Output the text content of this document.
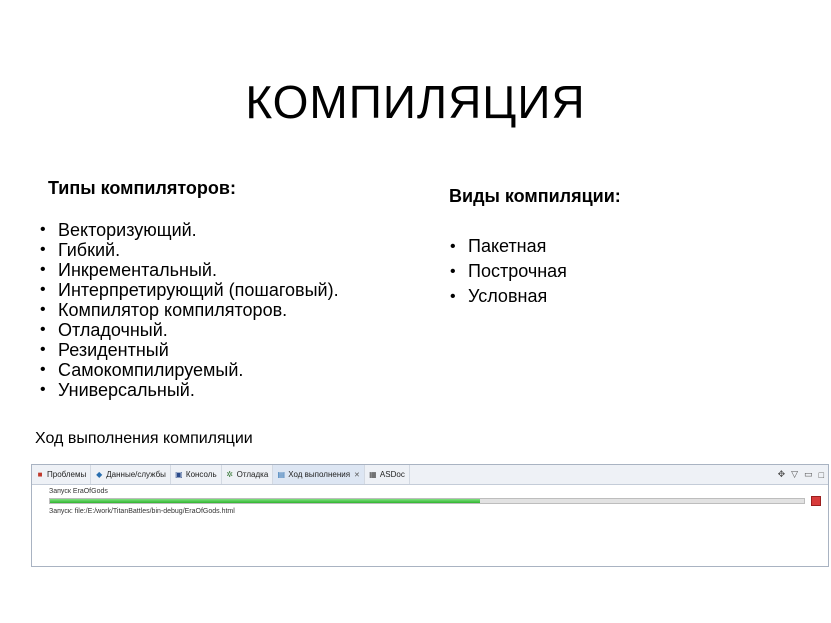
КОМПИЛЯЦИЯ
Типы компиляторов:
• Векторизующий.
• Гибкий.
• Инкрементальный.
• Интерпретирующий (пошаговый).
• Компилятор компиляторов.
• Отладочный.
• Резидентный
• Самокомпилируемый.
• Универсальный.
Виды компиляции:
• Пакетная
• Построчная
• Условная
Ход выполнения компиляции
■ Проблемы ◆ Данные/службы ▣ Консоль ✲ Отладка ▤ Ход выполнения ✕ ▦ ASDoc	✥ ▽ ▭ □
Запуск EraOfGods
Запуск: file:/E:/work/TitanBattles/bin-debug/EraOfGods.html
